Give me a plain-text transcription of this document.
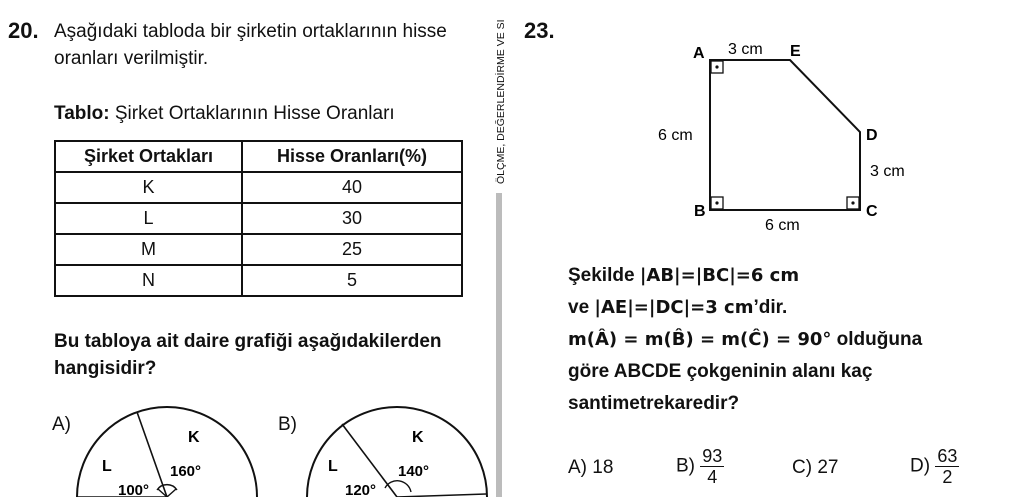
ÖLÇME, DEĞERLENDİRME VE SI
20. Aşağıdaki tabloda bir şirketin ortaklarının hisse
oranları verilmiştir.
Tablo: Şirket Ortaklarının Hisse Oranları
Şirket Ortakları	Hisse Oranları(%)
K	40
L	30
M	25
N	5
Bu tabloya ait daire grafiği aşağıdakilerden
hangisidir?
A)
K
L	160°
100°
B)
K
L	140°
120°
23.
A	E
D
C
B
3 cm
6 cm
3 cm
6 cm
Şekilde |AB|=|BC|=6 cm
ve |AE|=|DC|=3 cm’dir.
m(Â) = m(B̂) = m(Ĉ) = 90° olduğuna
göre ABCDE çokgeninin alanı kaç
santimetrekaredir?
A) 18	$B) \frac{93}{4}$	C) 27	$D) \frac{63}{2}$
